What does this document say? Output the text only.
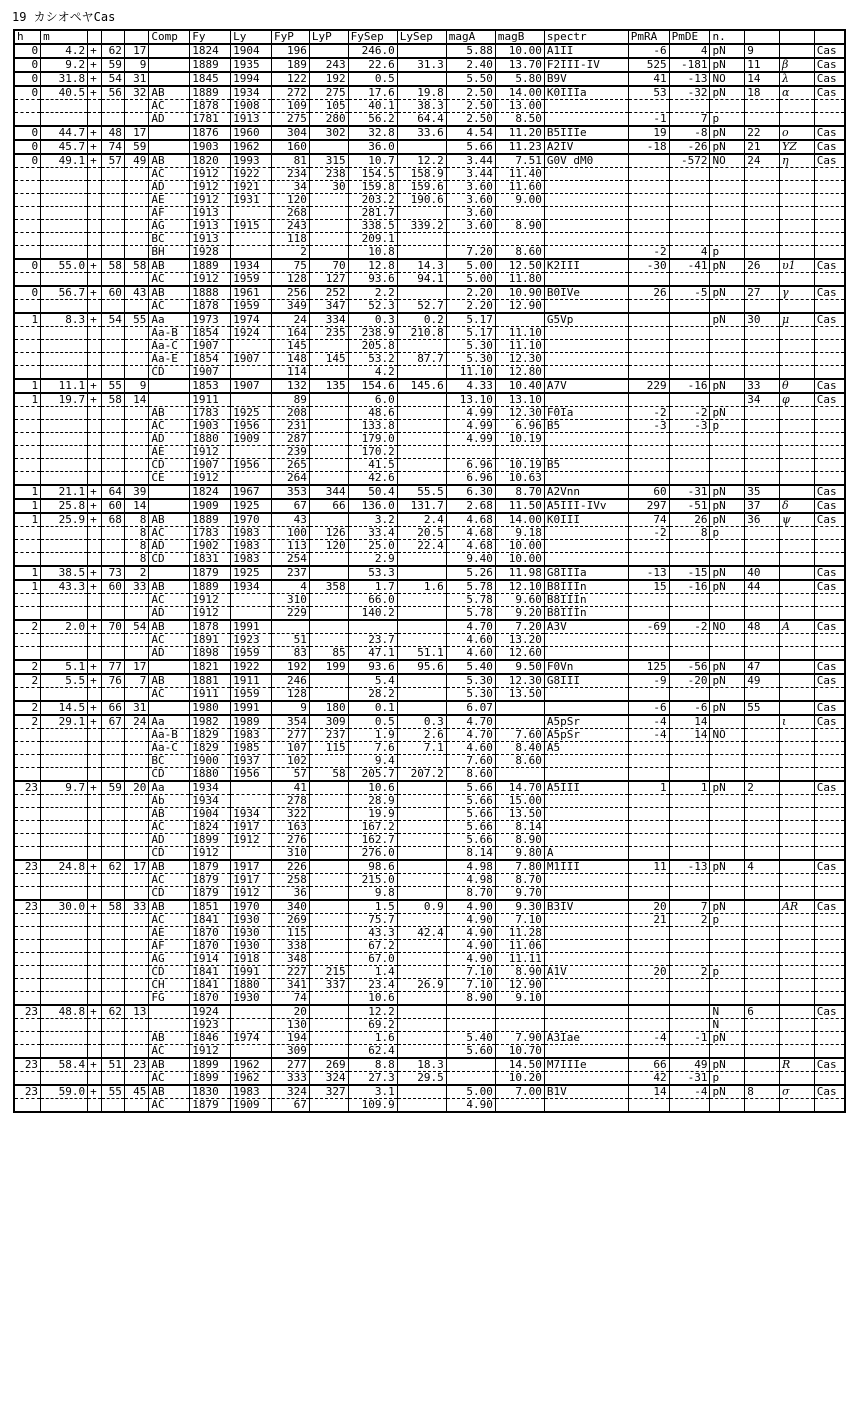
19 カシオペヤCas
h	m				Comp	Fy	Ly	FyP	LyP	FySep	LySep	magA	magB	spectr	PmRA	PmDE	n.			
0	4.2	+	62	17		1824	1904	196		246.0		5.88	10.00	A1II	-6	4	pN	9		Cas
0	9.2	+	59	9		1889	1935	189	243	22.6	31.3	2.40	13.70	F2III-IV	525	-181	pN	11	β	Cas
0	31.8	+	54	31		1845	1994	122	192	0.5		5.50	5.80	B9V	41	-13	NO	14	λ	Cas
0	40.5	+	56	32	AB	1889	1934	272	275	17.6	19.8	2.50	14.00	K0IIIa	53	-32	pN	18	α	Cas
					AC	1878	1908	109	105	40.1	38.3	2.50	13.00							
					AD	1781	1913	275	280	56.2	64.4	2.50	8.50		-1	7	p			
0	44.7	+	48	17		1876	1960	304	302	32.8	33.6	4.54	11.20	B5IIIe	19	-8	pN	22	o	Cas
0	45.7	+	74	59		1903	1962	160		36.0		5.66	11.23	A2IV	-18	-26	pN	21	YZ	Cas
0	49.1	+	57	49	AB	1820	1993	81	315	10.7	12.2	3.44	7.51	G0V dM0		-572	NO	24	η	Cas
					AC	1912	1922	234	238	154.5	158.9	3.44	11.40							
					AD	1912	1921	34	30	159.8	159.6	3.60	11.60							
					AE	1912	1931	120		203.2	190.6	3.60	9.00							
					AF	1913		268		281.7		3.60								
					AG	1913	1915	243		338.5	339.2	3.60	8.90							
					BC	1913		118		209.1										
					BH	1928		2		10.8		7.20	8.60		-2	4	p			
0	55.0	+	58	58	AB	1889	1934	75	70	12.8	14.3	5.00	12.50	K2III	-30	-41	pN	26	υ1	Cas
					AC	1912	1959	128	127	93.6	94.1	5.00	11.80							
0	56.7	+	60	43	AB	1888	1961	256	252	2.2		2.20	10.90	B0IVe	26	-5	pN	27	γ	Cas
					AC	1878	1959	349	347	52.3	52.7	2.20	12.90							
1	8.3	+	54	55	Aa	1973	1974	24	334	0.3	0.2	5.17		G5Vp			pN	30	μ	Cas
					Aa-B	1854	1924	164	235	238.9	210.8	5.17	11.10							
					Aa-C	1907		145		205.8		5.30	11.10							
					Aa-E	1854	1907	148	145	53.2	87.7	5.30	12.30							
					CD	1907		114		4.2		11.10	12.80							
1	11.1	+	55	9		1853	1907	132	135	154.6	145.6	4.33	10.40	A7V	229	-16	pN	33	θ	Cas
1	19.7	+	58	14		1911		89		6.0		13.10	13.10					34	φ	Cas
					AB	1783	1925	208		48.6		4.99	12.30	F0Ia	-2	-2	pN			
					AC	1903	1956	231		133.8		4.99	6.96	B5	-3	-3	p			
					AD	1880	1909	287		179.0		4.99	10.19							
					AE	1912		239		170.2										
					CD	1907	1956	265		41.5		6.96	10.19	B5						
					CE	1912		264		42.6		6.96	10.63							
1	21.1	+	64	39		1824	1967	353	344	50.4	55.5	6.30	8.70	A2Vnn	60	-31	pN	35		Cas
1	25.8	+	60	14		1909	1925	67	66	136.0	131.7	2.68	11.50	A5III-IVv	297	-51	pN	37	δ	Cas
1	25.9	+	68	8	AB	1889	1970	43		3.2	2.4	4.68	14.00	K0III	74	26	pN	36	ψ	Cas
				8	AC	1783	1983	100	126	33.4	20.5	4.68	9.18		-2	8	p			
				8	AD	1902	1983	113	120	25.0	22.4	4.68	10.00							
				8	CD	1831	1983	254		2.9		9.40	10.00							
1	38.5	+	73	2		1879	1925	237		53.3		5.26	11.98	G8IIIa	-13	-15	pN	40		Cas
1	43.3	+	60	33	AB	1889	1934	4	358	1.7	1.6	5.78	12.10	B8IIIn	15	-16	pN	44		Cas
					AC	1912		310		66.0		5.78	9.60	B8IIIn						
					AD	1912		229		140.2		5.78	9.20	B8IIIn						
2	2.0	+	70	54	AB	1878	1991					4.70	7.20	A3V	-69	-2	NO	48	A	Cas
					AC	1891	1923	51		23.7		4.60	13.20							
					AD	1898	1959	83	85	47.1	51.1	4.60	12.60							
2	5.1	+	77	17		1821	1922	192	199	93.6	95.6	5.40	9.50	F0Vn	125	-56	pN	47		Cas
2	5.5	+	76	7	AB	1881	1911	246		5.4		5.30	12.30	G8III	-9	-20	pN	49		Cas
					AC	1911	1959	128		28.2		5.30	13.50							
2	14.5	+	66	31		1980	1991	9	180	0.1		6.07			-6	-6	pN	55		Cas
2	29.1	+	67	24	Aa	1982	1989	354	309	0.5	0.3	4.70		A5pSr	-4	14			ι	Cas
					Aa-B	1829	1983	277	237	1.9	2.6	4.70	7.60	A5pSr	-4	14	NO			
					Aa-C	1829	1985	107	115	7.6	7.1	4.60	8.40	A5						
					BC	1900	1937	102		9.4		7.60	8.60							
					CD	1880	1956	57	58	205.7	207.2	8.60								
23	9.7	+	59	20	Aa	1934		41		10.6		5.66	14.70	A5III	1	1	pN	2		Cas
					Ab	1934		278		28.9		5.66	15.00							
					AB	1904	1934	322		19.9		5.66	13.50							
					AC	1824	1917	163		167.2		5.66	8.14							
					AD	1899	1912	276		162.7		5.66	8.90							
					CD	1912		310		276.0		8.14	9.80	A						
23	24.8	+	62	17	AB	1879	1917	226		98.6		4.98	7.80	M1III	11	-13	pN	4		Cas
					AC	1879	1917	258		215.0		4.98	8.70							
					CD	1879	1912	36		9.8		8.70	9.70							
23	30.0	+	58	33	AB	1851	1970	340		1.5	0.9	4.90	9.30	B3IV	20	7	pN		AR	Cas
					AC	1841	1930	269		75.7		4.90	7.10		21	2	p			
					AE	1870	1930	115		43.3	42.4	4.90	11.28							
					AF	1870	1930	338		67.2		4.90	11.06							
					AG	1914	1918	348		67.0		4.90	11.11							
					CD	1841	1991	227	215	1.4		7.10	8.90	A1V	20	2	p			
					CH	1841	1880	341	337	23.4	26.9	7.10	12.90							
					FG	1870	1930	74		10.6		8.90	9.10							
23	48.8	+	62	13		1924		20		12.2							N	6		Cas
						1923		130		69.2							N			
					AB	1846	1974	194		1.6		5.40	7.90	A3Iae	-4	-1	pN			
					AC	1912		309		62.4		5.60	10.70							
23	58.4	+	51	23	AB	1899	1962	277	269	8.8	18.3		14.50	M7IIIe	66	49	pN		R	Cas
					AC	1899	1962	333	324	27.3	29.5		10.20		42	-31	p			
23	59.0	+	55	45	AB	1830	1983	324	327	3.1		5.00	7.00	B1V	14	-4	pN	8	σ	Cas
					AC	1879	1909	67		109.9		4.90								
